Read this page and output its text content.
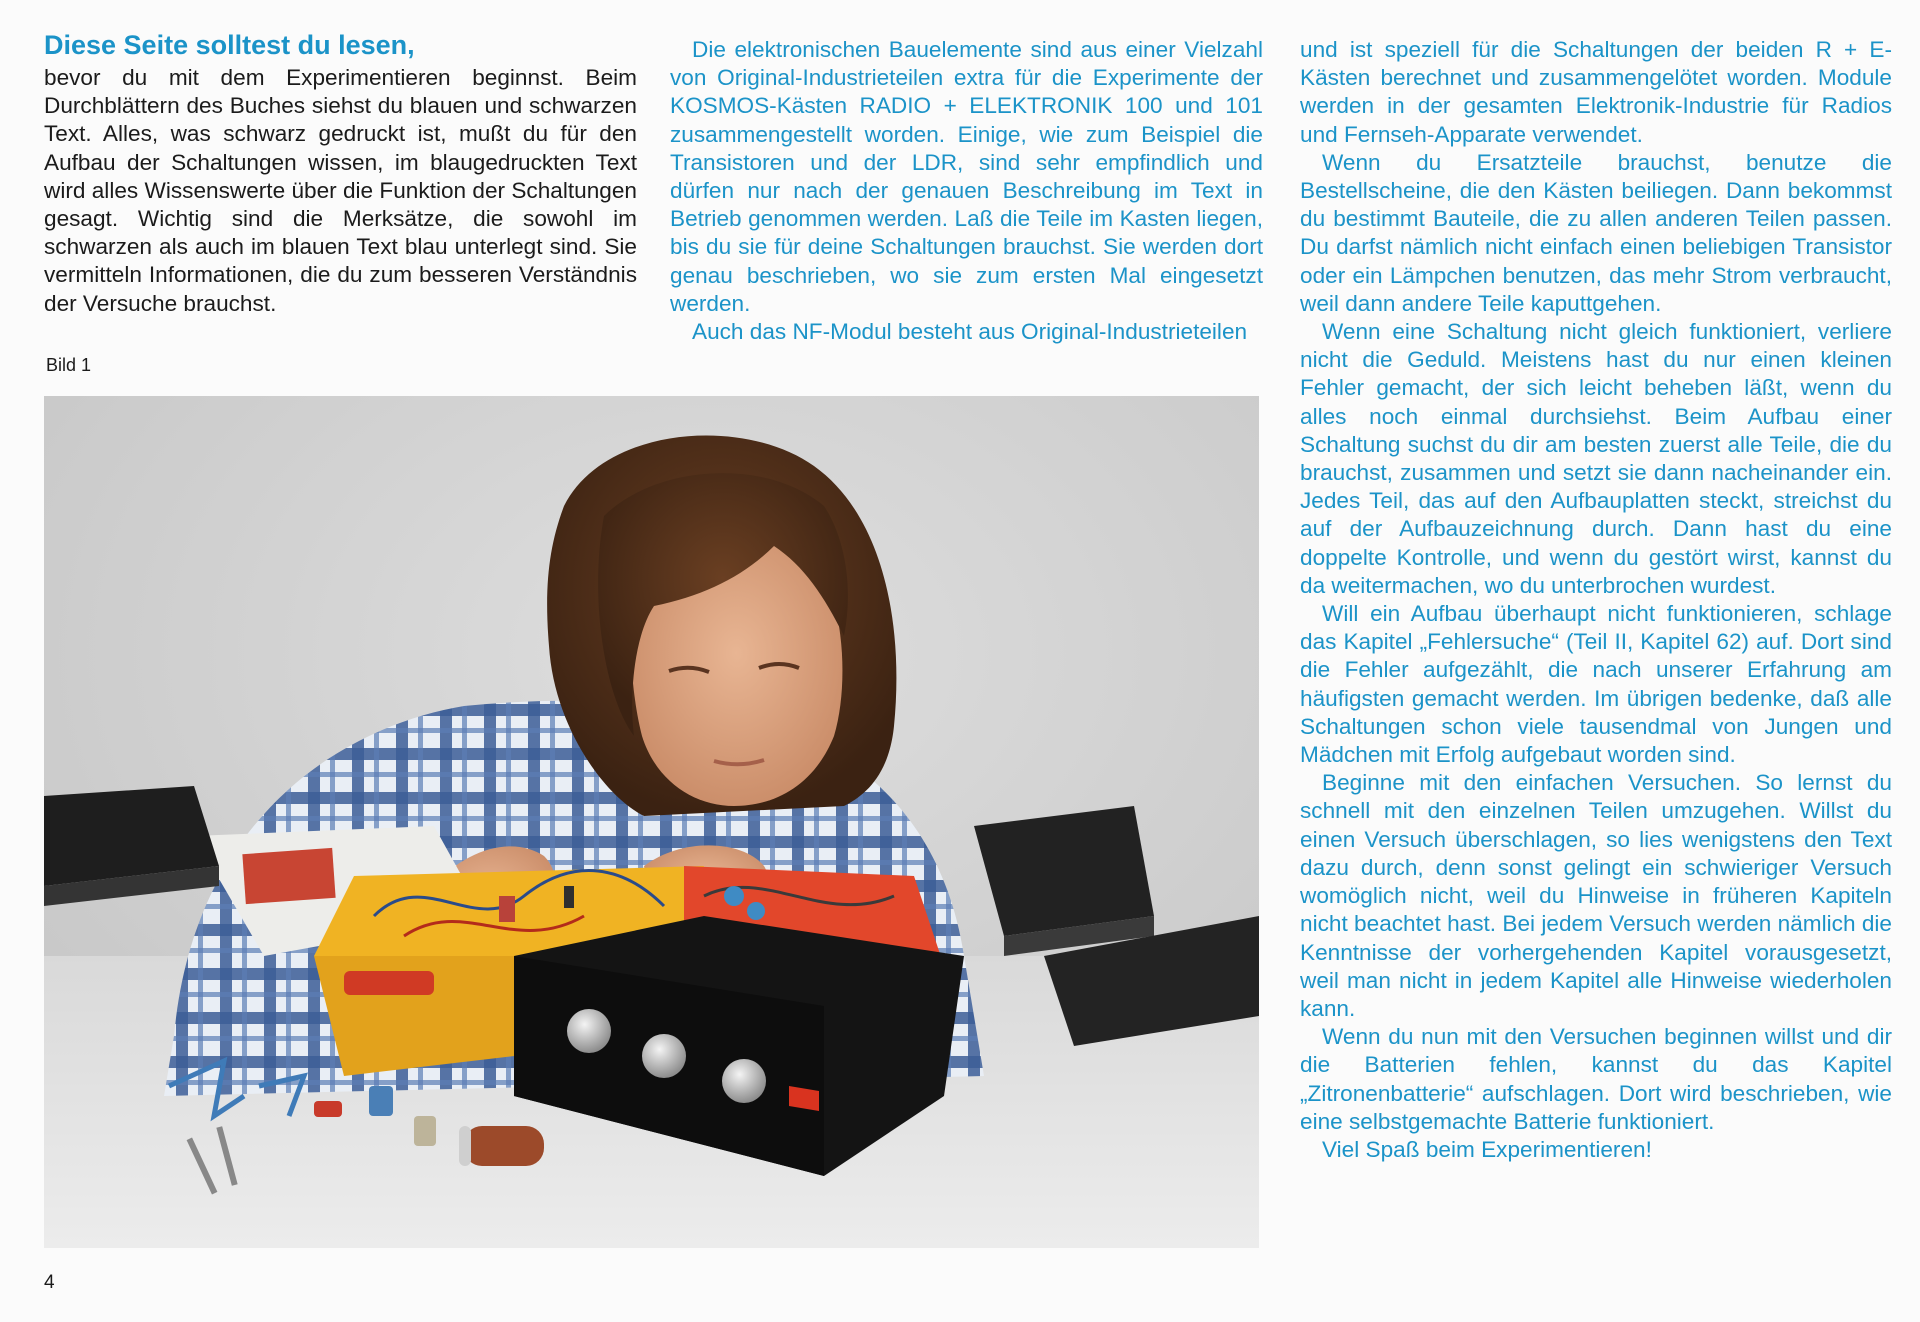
Diese Seite solltest du lesen,

bevor du mit dem Experimentieren beginnst. Beim Durchblättern des Buches siehst du blauen und schwarzen Text. Alles, was schwarz gedruckt ist, mußt du für den Aufbau der Schaltungen wissen, im blaugedruckten Text wird alles Wissenswerte über die Funktion der Schaltungen gesagt. Wichtig sind die Merksätze, die sowohl im schwarzen als auch im blauen Text blau unterlegt sind. Sie vermitteln Informationen, die du zum besseren Verständnis der Versuche brauchst.

Die elektronischen Bauelemente sind aus einer Vielzahl von Original-Industrieteilen extra für die Experimente der KOSMOS-Kästen RADIO + ELEKTRONIK 100 und 101 zusammengestellt worden. Einige, wie zum Beispiel die Transistoren und der LDR, sind sehr empfindlich und dürfen nur nach der genauen Beschreibung im Text in Betrieb genommen werden. Laß die Teile im Kasten liegen, bis du sie für deine Schaltungen brauchst. Sie werden dort genau beschrieben, wo sie zum ersten Mal eingesetzt werden.

Auch das NF-Modul besteht aus Original-Industrieteilen

und ist speziell für die Schaltungen der beiden R + E-Kästen berechnet und zusammengelötet worden. Module werden in der gesamten Elektronik-Industrie für Radios und Fernseh-Apparate verwendet.

Wenn du Ersatzteile brauchst, benutze die Bestellscheine, die den Kästen beiliegen. Dann bekommst du bestimmt Bauteile, die zu allen anderen Teilen passen. Du darfst nämlich nicht einfach einen beliebigen Transistor oder ein Lämpchen benutzen, das mehr Strom verbraucht, weil dann andere Teile kaputtgehen.

Wenn eine Schaltung nicht gleich funktioniert, verliere nicht die Geduld. Meistens hast du nur einen kleinen Fehler gemacht, der sich leicht beheben läßt, wenn du alles noch einmal durchsiehst. Beim Aufbau einer Schaltung suchst du dir am besten zuerst alle Teile, die du brauchst, zusammen und setzt sie dann nacheinander ein. Jedes Teil, das auf den Aufbauplatten steckt, streichst du auf der Aufbauzeichnung durch. Dann hast du eine doppelte Kontrolle, und wenn du gestört wirst, kannst du da weitermachen, wo du unterbrochen wurdest.

Will ein Aufbau überhaupt nicht funktionieren, schlage das Kapitel „Fehlersuche“ (Teil II, Kapitel 62) auf. Dort sind die Fehler aufgezählt, die nach unserer Erfahrung am häufigsten gemacht werden. Im übrigen bedenke, daß alle Schaltungen schon viele tausendmal von Jungen und Mädchen mit Erfolg aufgebaut worden sind.

Beginne mit den einfachen Versuchen. So lernst du schnell mit den einzelnen Teilen umzugehen. Willst du einen Versuch überschlagen, so lies wenigstens den Text dazu durch, denn sonst gelingt ein schwieriger Versuch womöglich nicht, weil du Hinweise in früheren Kapiteln nicht beachtet hast. Bei jedem Versuch werden nämlich die Kenntnisse der vorhergehenden Kapitel vorausgesetzt, weil man nicht in jedem Kapitel alle Hinweise wiederholen kann.

Wenn du nun mit den Versuchen beginnen willst und dir die Batterien fehlen, kannst du das Kapitel „Zitronenbatterie“ aufschlagen. Dort wird beschrieben, wie eine selbstgemachte Batterie funktioniert.

Viel Spaß beim Experimentieren!

Bild 1
4
